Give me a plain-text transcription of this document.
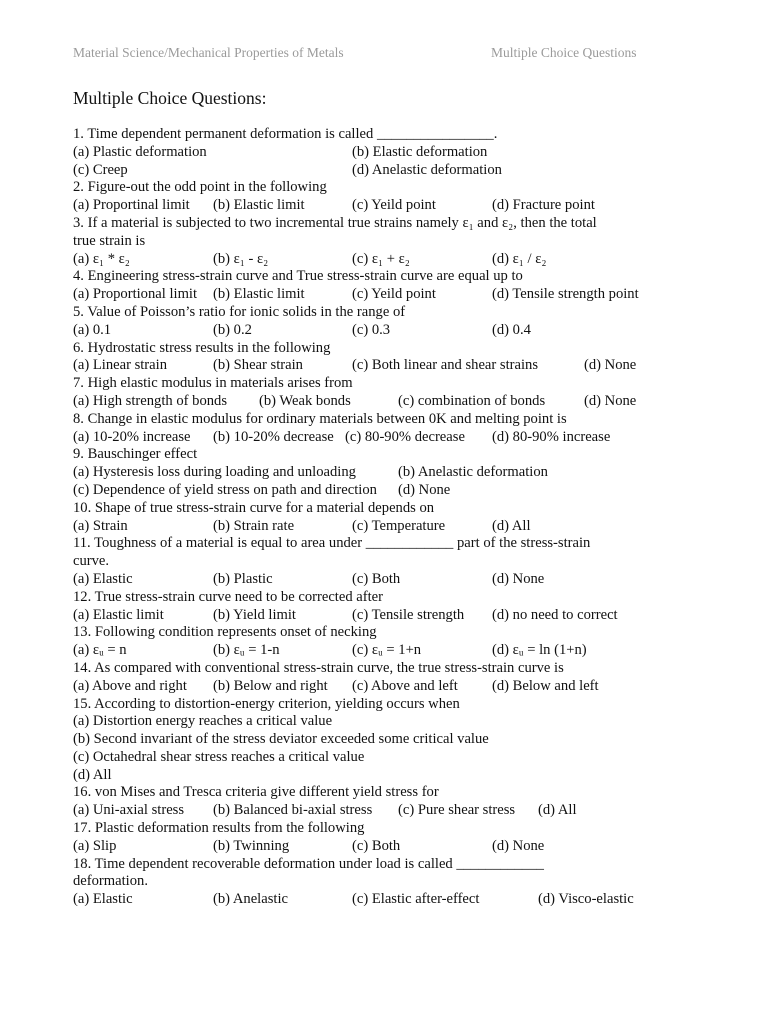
Material Science/Mechanical Properties of Metals	Multiple Choice Questions
Multiple Choice Questions:
1. Time dependent permanent deformation is called ________________.
(a) Plastic deformation	(b) Elastic deformation
(c) Creep	(d) Anelastic deformation
2. Figure-out the odd point in the following
(a) Proportinal limit (b) Elastic limit	(c) Yeild point	(d) Fracture point
3. If a material is subjected to two incremental true strains namely ε₁ and ε₂, then the total
true strain is
(a) ε₁ * ε₂	(b) ε₁ - ε₂	(c) ε₁ + ε₂	(d) ε₁ / ε₂
4. Engineering stress-strain curve and True stress-strain curve are equal up to
(a) Proportional limit (b) Elastic limit	(c) Yeild point	(d) Tensile strength point
5. Value of Poisson’s ratio for ionic solids in the range of
(a) 0.1	(b) 0.2	(c) 0.3	(d) 0.4
6. Hydrostatic stress results in the following
(a) Linear strain	(b) Shear strain	(c) Both linear and shear strains	(d) None
7. High elastic modulus in materials arises from
(a) High strength of bonds (b) Weak bonds	(c) combination of bonds	(d) None
8. Change in elastic modulus for ordinary materials between 0K and melting point is
(a) 10-20% increase (b) 10-20% decrease (c) 80-90% decrease (d) 80-90% increase
9. Bauschinger effect
(a) Hysteresis loss during loading and unloading	(b) Anelastic deformation
(c) Dependence of yield stress on path and direction (d) None
10. Shape of true stress-strain curve for a material depends on
(a) Strain	(b) Strain rate	(c) Temperature	(d) All
11. Toughness of a material is equal to area under ____________ part of the stress-strain
curve.
(a) Elastic	(b) Plastic	(c) Both	(d) None
12. True stress-strain curve need to be corrected after
(a) Elastic limit	(b) Yield limit	(c) Tensile strength (d) no need to correct
13. Following condition represents onset of necking
(a) εᵤ = n	(b) εᵤ = 1-n	(c) εᵤ = 1+n	(d) εᵤ = ln (1+n)
14. As compared with conventional stress-strain curve, the true stress-strain curve is
(a) Above and right (b) Below and right (c) Above and left (d) Below and left
15. According to distortion-energy criterion, yielding occurs when
(a) Distortion energy reaches a critical value
(b) Second invariant of the stress deviator exceeded some critical value
(c) Octahedral shear stress reaches a critical value
(d) All
16. von Mises and Tresca criteria give different yield stress for
(a) Uni-axial stress (b) Balanced bi-axial stress (c) Pure shear stress (d) All
17. Plastic deformation results from the following
(a) Slip	(b) Twinning	(c) Both	(d) None
18. Time dependent recoverable deformation under load is called ____________
deformation.
(a) Elastic	(b) Anelastic	(c) Elastic after-effect	(d) Visco-elastic
